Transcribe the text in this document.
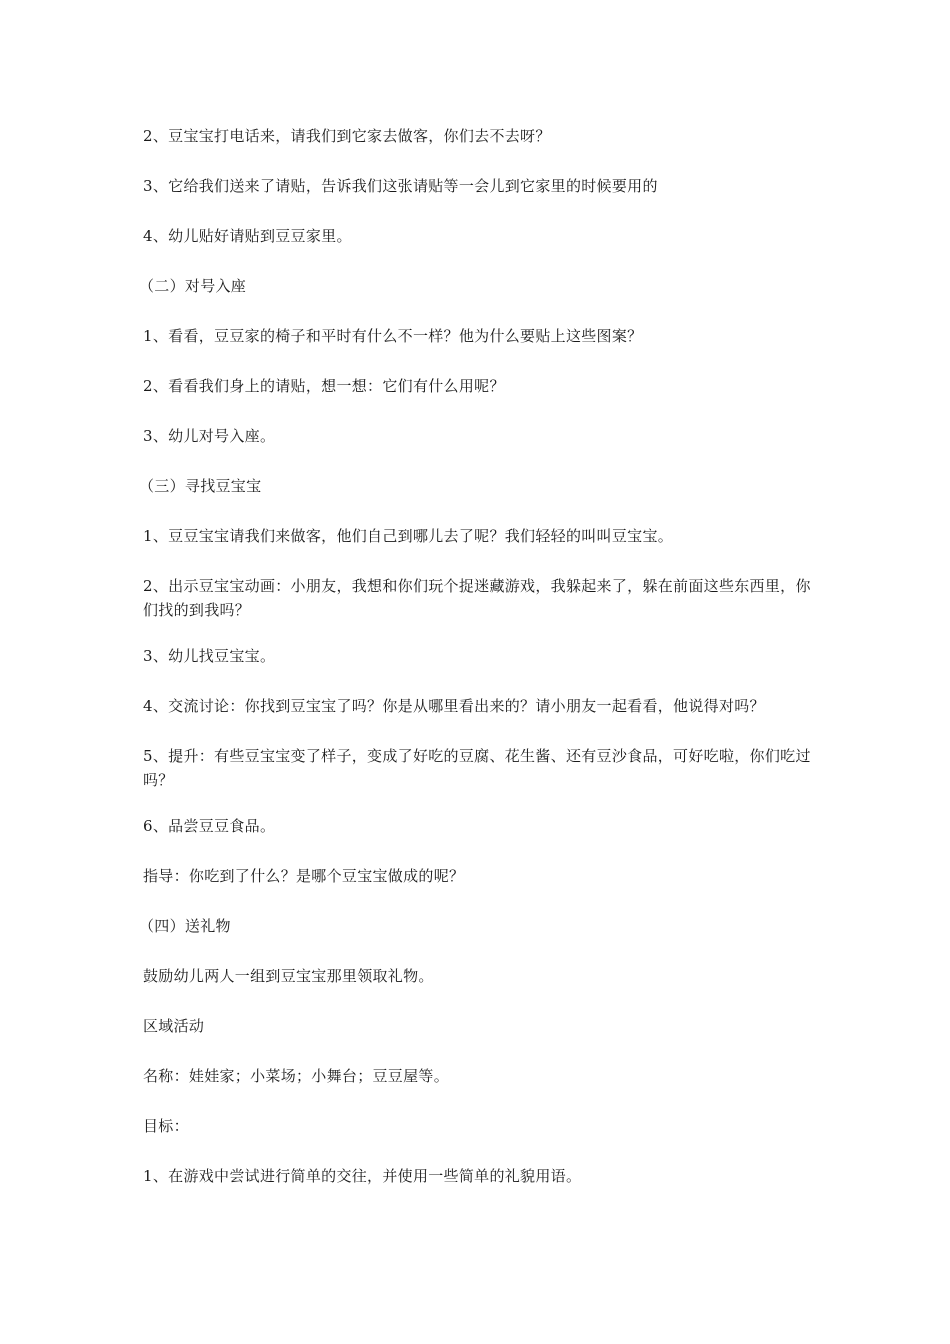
2、豆宝宝打电话来，请我们到它家去做客，你们去不去呀？

3、它给我们送来了请贴，告诉我们这张请贴等一会儿到它家里的时候要用的

4、幼儿贴好请贴到豆豆家里。

（二）对号入座

1、看看，豆豆家的椅子和平时有什么不一样？他为什么要贴上这些图案？

2、看看我们身上的请贴，想一想：它们有什么用呢？

3、幼儿对号入座。

（三）寻找豆宝宝

1、豆豆宝宝请我们来做客，他们自己到哪儿去了呢？我们轻轻的叫叫豆宝宝。

2、出示豆宝宝动画：小朋友，我想和你们玩个捉迷藏游戏，我躲起来了，躲在前面这些东西里，你们找的到我吗？

3、幼儿找豆宝宝。

4、交流讨论：你找到豆宝宝了吗？你是从哪里看出来的？请小朋友一起看看，他说得对吗？

5、提升：有些豆宝宝变了样子，变成了好吃的豆腐、花生酱、还有豆沙食品，可好吃啦，你们吃过吗？

6、品尝豆豆食品。

指导：你吃到了什么？是哪个豆宝宝做成的呢？

（四）送礼物

鼓励幼儿两人一组到豆宝宝那里领取礼物。

区域活动

名称：娃娃家；小菜场；小舞台；豆豆屋等。

目标：

1、在游戏中尝试进行简单的交往，并使用一些简单的礼貌用语。
